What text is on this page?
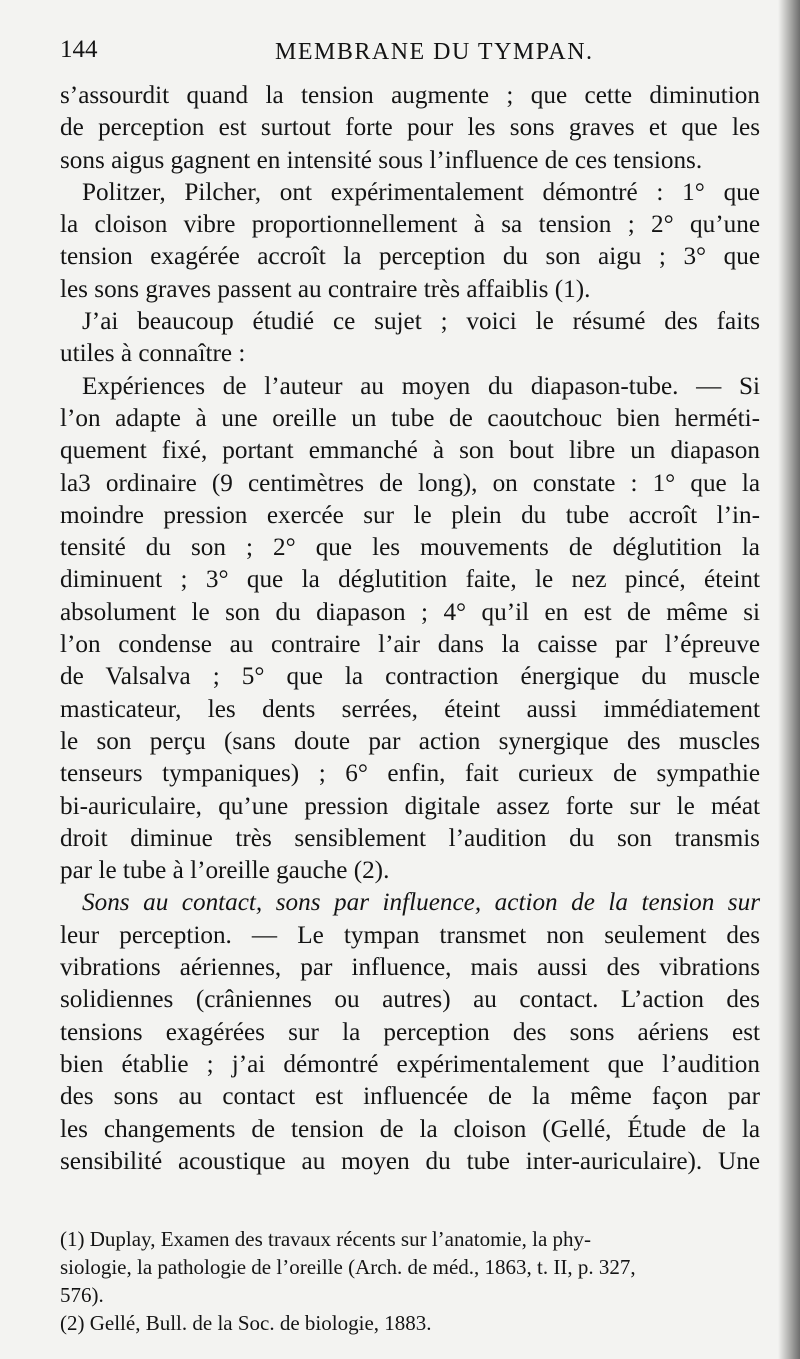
144	MEMBRANE DU TYMPAN.
s’assourdit quand la tension augmente ; que cette diminution
de perception est surtout forte pour les sons graves et que les
sons aigus gagnent en intensité sous l’influence de ces tensions.
Politzer, Pilcher, ont expérimentalement démontré : 1° que
la cloison vibre proportionnellement à sa tension ; 2° qu’une
tension exagérée accroît la perception du son aigu ; 3° que
les sons graves passent au contraire très affaiblis (1).
J’ai beaucoup étudié ce sujet ; voici le résumé des faits
utiles à connaître :
Expériences de l’auteur au moyen du diapason-tube. — Si
l’on adapte à une oreille un tube de caoutchouc bien herméti-
quement fixé, portant emmanché à son bout libre un diapason
la3 ordinaire (9 centimètres de long), on constate : 1° que la
moindre pression exercée sur le plein du tube accroît l’in-
tensité du son ; 2° que les mouvements de déglutition la
diminuent ; 3° que la déglutition faite, le nez pincé, éteint
absolument le son du diapason ; 4° qu’il en est de même si
l’on condense au contraire l’air dans la caisse par l’épreuve
de Valsalva ; 5° que la contraction énergique du muscle
masticateur, les dents serrées, éteint aussi immédiatement
le son perçu (sans doute par action synergique des muscles
tenseurs tympaniques) ; 6° enfin, fait curieux de sympathie
bi-auriculaire, qu’une pression digitale assez forte sur le méat
droit diminue très sensiblement l’audition du son transmis
par le tube à l’oreille gauche (2).
Sons au contact, sons par influence, action de la tension sur
leur perception. — Le tympan transmet non seulement des
vibrations aériennes, par influence, mais aussi des vibrations
solidiennes (crâniennes ou autres) au contact. L’action des
tensions exagérées sur la perception des sons aériens est
bien établie ; j’ai démontré expérimentalement que l’audition
des sons au contact est influencée de la même façon par
les changements de tension de la cloison (Gellé, Étude de la
sensibilité acoustique au moyen du tube inter-auriculaire). Une
(1) Duplay, Examen des travaux récents sur l’anatomie, la phy-
siologie, la pathologie de l’oreille (Arch. de méd., 1863, t. II, p. 327,
576).
(2) Gellé, Bull. de la Soc. de biologie, 1883.
